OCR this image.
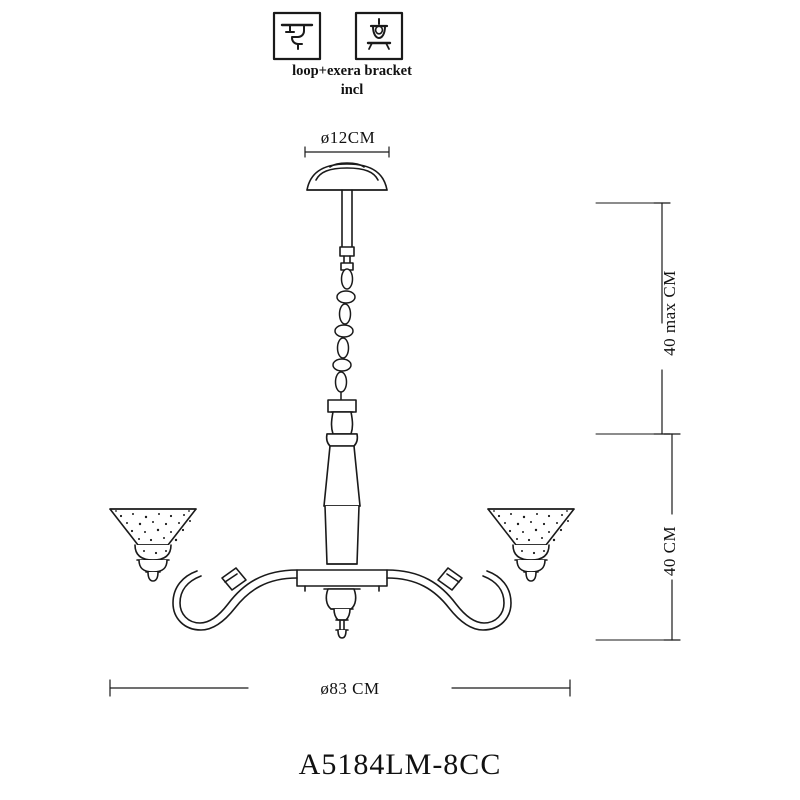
loop+exera bracket
incl
ø12CM
ø83 CM
40 max CM
40 CM
A5184LM-8CC
